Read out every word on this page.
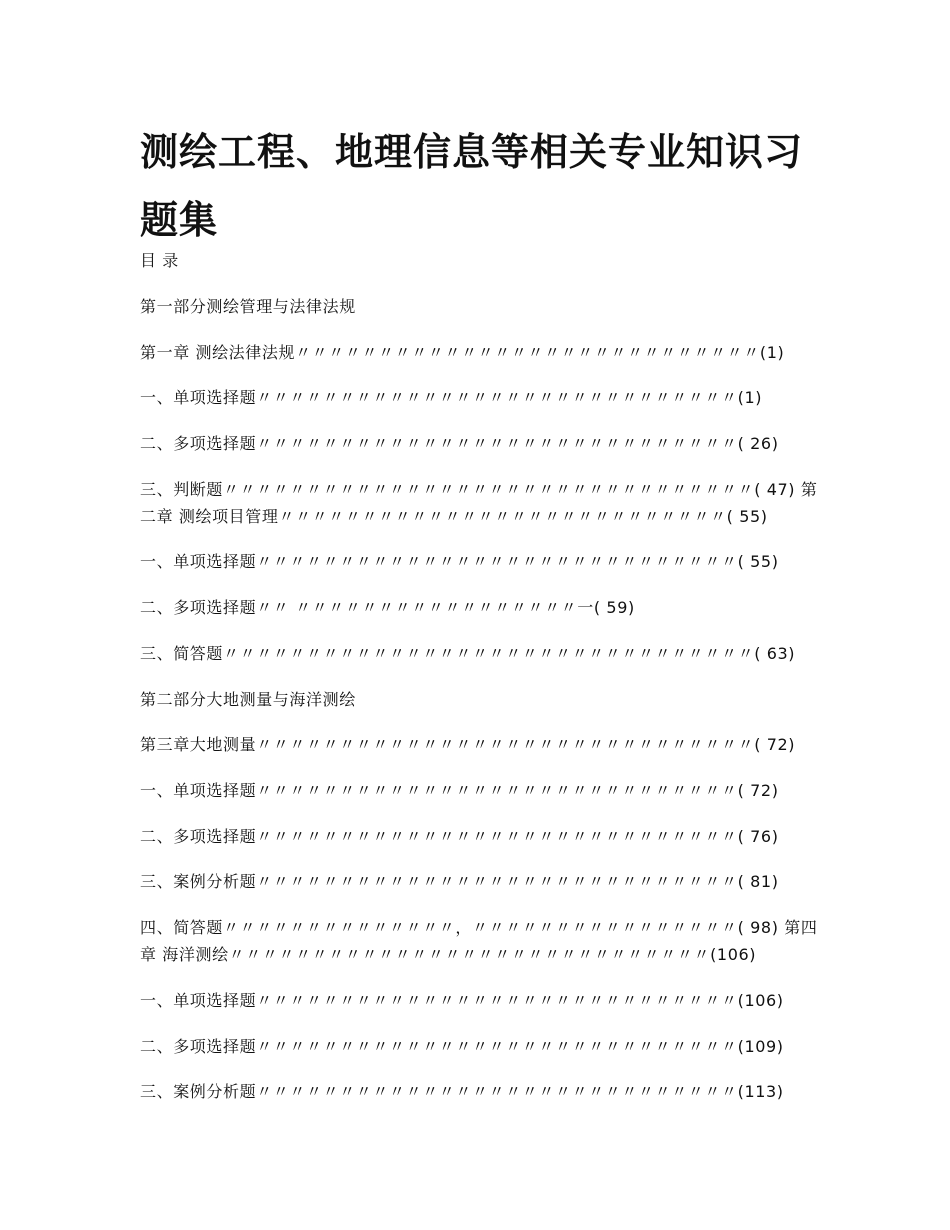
测绘工程、地理信息等相关专业知识习题集
目 录
第一部分测绘管理与法律法规
第一章 测绘法律法规〃〃〃〃〃〃〃〃〃〃〃〃〃〃〃〃〃〃〃〃〃〃〃〃〃〃〃〃(1)
一、单项选择题〃〃〃〃〃〃〃〃〃〃〃〃〃〃〃〃〃〃〃〃〃〃〃〃〃〃〃〃〃(1)
二、多项选择题〃〃〃〃〃〃〃〃〃〃〃〃〃〃〃〃〃〃〃〃〃〃〃〃〃〃〃〃〃( 26)
三、判断题〃〃〃〃〃〃〃〃〃〃〃〃〃〃〃〃〃〃〃〃〃〃〃〃〃〃〃〃〃〃〃〃( 47) 第二章 测绘项目管理〃〃〃〃〃〃〃〃〃〃〃〃〃〃〃〃〃〃〃〃〃〃〃〃〃〃〃( 55)
一、单项选择题〃〃〃〃〃〃〃〃〃〃〃〃〃〃〃〃〃〃〃〃〃〃〃〃〃〃〃〃〃( 55)
二、多项选择题〃〃 〃〃〃〃〃〃〃〃〃〃〃〃〃〃〃〃〃一( 59)
三、简答题〃〃〃〃〃〃〃〃〃〃〃〃〃〃〃〃〃〃〃〃〃〃〃〃〃〃〃〃〃〃〃〃( 63)
第二部分大地测量与海洋测绘
第三章大地测量〃〃〃〃〃〃〃〃〃〃〃〃〃〃〃〃〃〃〃〃〃〃〃〃〃〃〃〃〃〃( 72)
一、单项选择题〃〃〃〃〃〃〃〃〃〃〃〃〃〃〃〃〃〃〃〃〃〃〃〃〃〃〃〃〃( 72)
二、多项选择题〃〃〃〃〃〃〃〃〃〃〃〃〃〃〃〃〃〃〃〃〃〃〃〃〃〃〃〃〃( 76)
三、案例分析题〃〃〃〃〃〃〃〃〃〃〃〃〃〃〃〃〃〃〃〃〃〃〃〃〃〃〃〃〃( 81)
四、简答题〃〃〃〃〃〃〃〃〃〃〃〃〃〃，〃〃〃〃〃〃〃〃〃〃〃〃〃〃〃〃( 98) 第四章 海洋测绘〃〃〃〃〃〃〃〃〃〃〃〃〃〃〃〃〃〃〃〃〃〃〃〃〃〃〃〃〃(106)
一、单项选择题〃〃〃〃〃〃〃〃〃〃〃〃〃〃〃〃〃〃〃〃〃〃〃〃〃〃〃〃〃(106)
二、多项选择题〃〃〃〃〃〃〃〃〃〃〃〃〃〃〃〃〃〃〃〃〃〃〃〃〃〃〃〃〃(109)
三、案例分析题〃〃〃〃〃〃〃〃〃〃〃〃〃〃〃〃〃〃〃〃〃〃〃〃〃〃〃〃〃(113)
